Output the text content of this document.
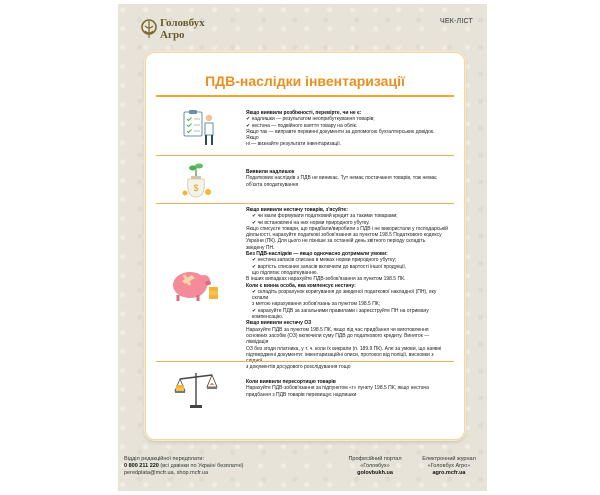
Головбух
Агро
ЧЕК-ЛІСТ
ПДВ-наслідки інвентаризації
Якщо виявили розбіжності, перевірте, чи не є:
✔ надлишки — результатом неоприбуткування товарів;
✔ нестача — подвійного взяття товару на облік.
Якщо так — виправте первинні документи за допомогою бухгалтерських довідок. Якщо
ні — визнайте результати інвентаризації.
$
Виявили надлишок
Податкових наслідків з ПДВ не виникає. Тут немає постачання товарів, тож немає
об'єкта оподаткування
Якщо виявили нестачу товарів, з'ясуйте:
✔ чи мали формувати податковий кредит за такими товарами;
✔ чи встановлені на них норми природного убутку.
Якщо списуєте товари, що придбали/виробили з ПДВ і не використали у господарській
діяльності, нарахуйте податкові зобов'язання за пунктом 198.5 Податкового кодексу
України (ПК). Для цього не пізніше за останній день звітного періоду складіть
зведену ПН.
Без ПДВ-наслідків — якщо одночасно дотримали умови:
✔ нестача запасів списана в межах норми природного убутку;
✔ вартість списаних запасів включили до вартості іншої продукції,
що підлягає оподаткуванню.
В інших випадках нарахуйте ПДВ-зобов'язання за пунктом 198.5 ПК.
Коли є винна особа, яка компенсує нестачу:
✔ складіть розрахунок коригування до зведеної податкової накладної (ПН), яку склали
з метою нарахування зобов'язань за пунктом 198.5 ПК;
✔ нарахуйте ПДВ за загальними правилами і зареєструйте ПН на отриману
компенсацію.
Якщо виявили нестачу ОЗ
Нарахуйте ПДВ за пунктом 198.5 ПК, якщо під час придбання чи виготовлення
основних засобів (ОЗ) включили суму ПДВ до податкового кредиту. Виняток — ліквідація
ОЗ без згоди платника, у т. ч. коли їх викрали (п. 189.9 ПК). Але за умови, що наявні
підтверджені документи: інвентаризаційні описи, протокол від поліції, висновки з
з документів досудового розслідування тощо
Коли виявили пересортицю товарів
Нарахуйте ПДВ-зобов'язання за підпунктом «г» пункту 198.5 ПК, якщо нестача
придбання з ПДВ товарів перевищує надлишки
Відділ редакційної передплати:
0 800 211 220 (всі дзвінки по Україні безплатні)
peredplata@mcfr.ua, shop.mcfr.ua
Професійний портал
«Головбух»
golovbukh.ua
Електронний журнал
«Головбух Агро»
agro.mcfr.ua
